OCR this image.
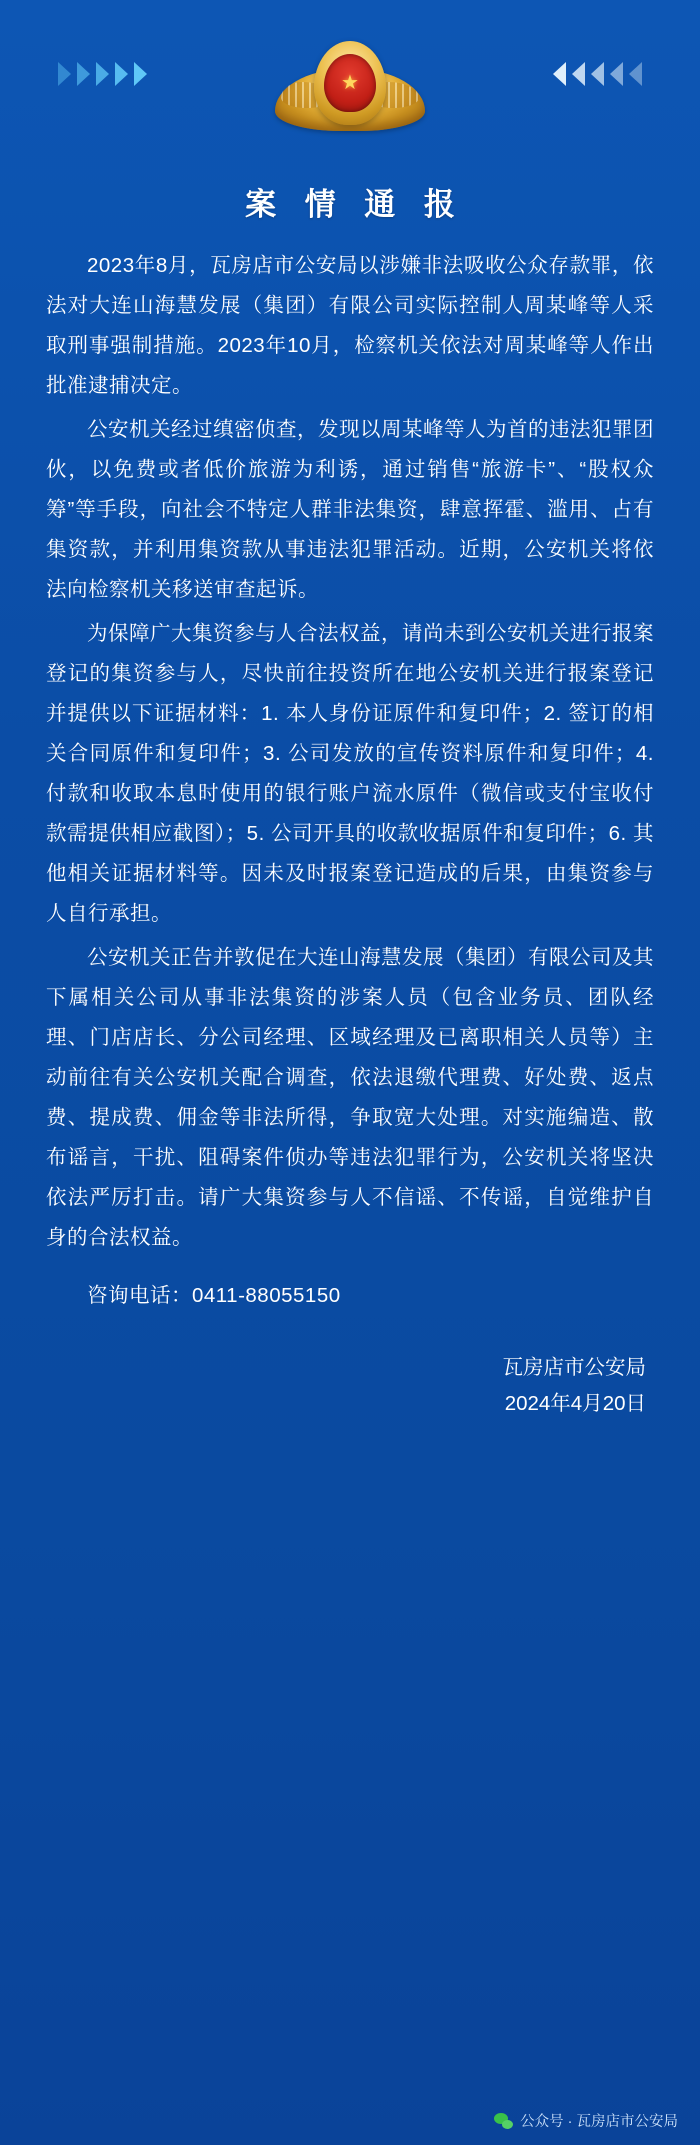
★
案 情 通 报

2023年8月，瓦房店市公安局以涉嫌非法吸收公众存款罪，依法对大连山海慧发展（集团）有限公司实际控制人周某峰等人采取刑事强制措施。2023年10月，检察机关依法对周某峰等人作出批准逮捕决定。

公安机关经过缜密侦查，发现以周某峰等人为首的违法犯罪团伙，以免费或者低价旅游为利诱，通过销售“旅游卡”、“股权众筹”等手段，向社会不特定人群非法集资，肆意挥霍、滥用、占有集资款，并利用集资款从事违法犯罪活动。近期，公安机关将依法向检察机关移送审查起诉。

为保障广大集资参与人合法权益，请尚未到公安机关进行报案登记的集资参与人，尽快前往投资所在地公安机关进行报案登记并提供以下证据材料：1. 本人身份证原件和复印件；2. 签订的相关合同原件和复印件；3. 公司发放的宣传资料原件和复印件；4. 付款和收取本息时使用的银行账户流水原件（微信或支付宝收付款需提供相应截图）；5. 公司开具的收款收据原件和复印件；6. 其他相关证据材料等。因未及时报案登记造成的后果，由集资参与人自行承担。

公安机关正告并敦促在大连山海慧发展（集团）有限公司及其下属相关公司从事非法集资的涉案人员（包含业务员、团队经理、门店店长、分公司经理、区域经理及已离职相关人员等）主动前往有关公安机关配合调查，依法退缴代理费、好处费、返点费、提成费、佣金等非法所得，争取宽大处理。对实施编造、散布谣言，干扰、阻碍案件侦办等违法犯罪行为，公安机关将坚决依法严厉打击。请广大集资参与人不信谣、不传谣，自觉维护自身的合法权益。

咨询电话：0411-88055150

瓦房店市公安局
2024年4月20日
公众号 · 瓦房店市公安局
